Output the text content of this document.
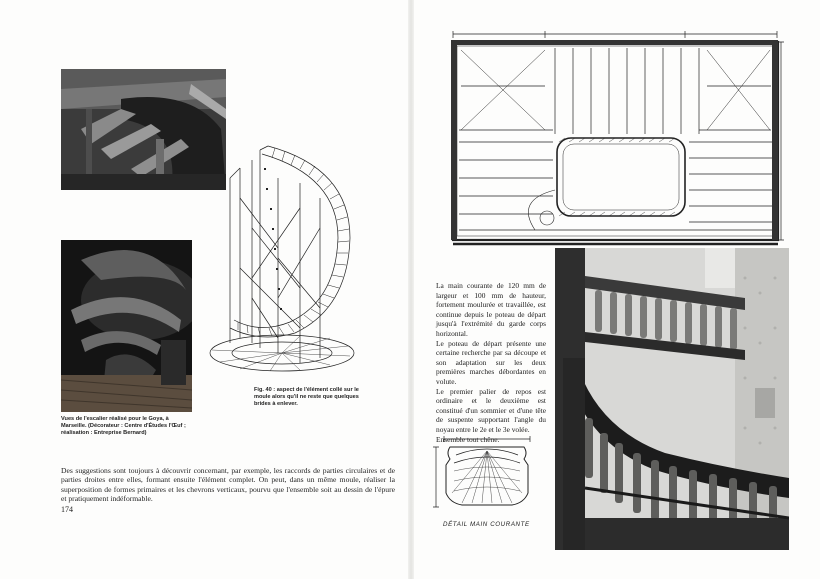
Vues de l'escalier réalisé pour le Goya, à Marseille. (Décorateur : Centre d'Études l'Œuf ; réalisation : Entreprise Bernard)
Fig. 40 : aspect de l'élément collé sur le moule alors qu'il ne reste que quelques brides à enlever.
Des suggestions sont toujours à découvrir concernant, par exemple, les raccords de parties circulaires et de parties droites entre elles, formant ensuite l'élément complet. On peut, dans un même moule, réaliser la superposition de formes primaires et les chevrons verticaux, pourvu que l'ensemble soit au dessin de l'épure et pratiquement indéformable.
174

La main courante de 120 mm de largeur et 100 mm de hauteur, fortement moulurée et travaillée, est continue depuis le poteau de départ jusqu'à l'extrémité du garde corps horizontal.

Le poteau de départ présente une certaine recherche par sa découpe et son adaptation sur les deux premières marches débordantes en volute.

Le premier palier de repos est ordinaire et le deuxième est constitué d'un sommier et d'une tête de suspente supportant l'angle du noyau entre le 2e et le 3e volée.

Ensemble tout chêne.

DÉTAIL MAIN COURANTE
